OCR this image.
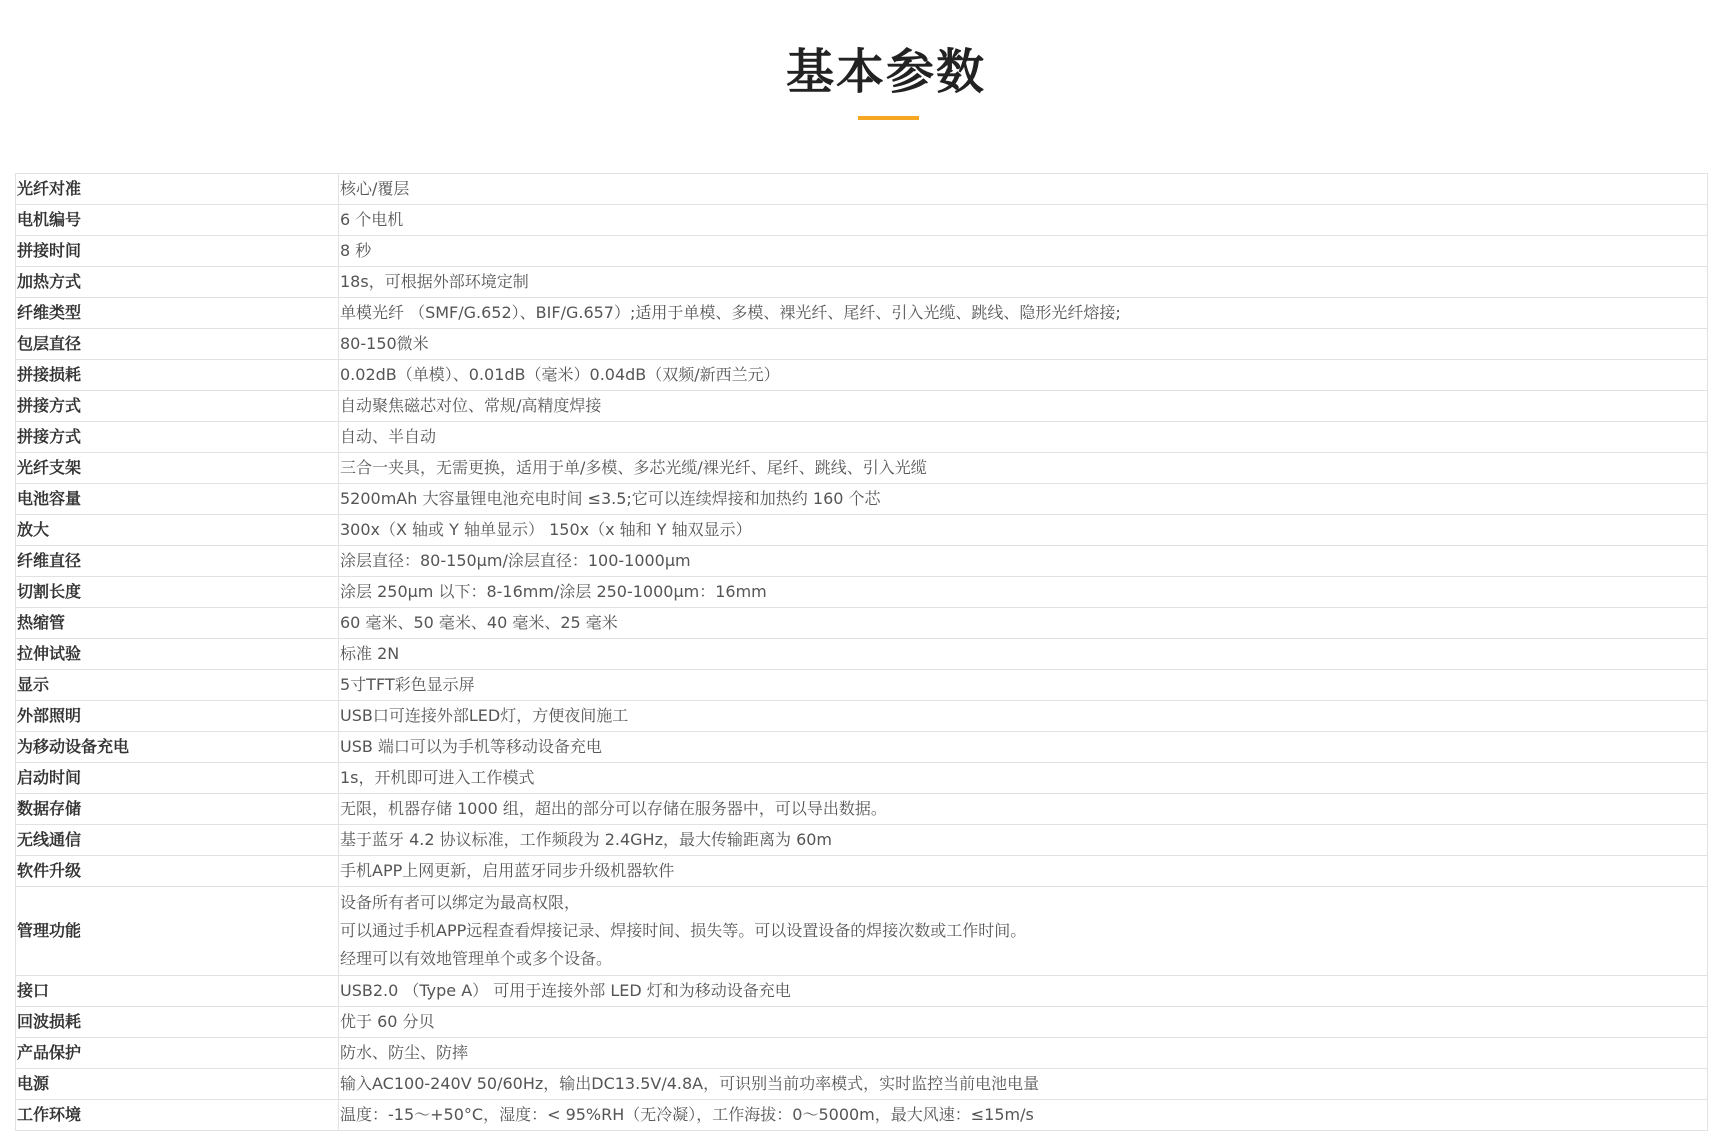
基本参数
光纤对准	核心/覆层
电机编号	6 个电机
拼接时间	8 秒
加热方式	18s，可根据外部环境定制
纤维类型	单模光纤 （SMF/G.652）、BIF/G.657）;适用于单模、多模、裸光纤、尾纤、引入光缆、跳线、隐形光纤熔接;
包层直径	80-150微米
拼接损耗	0.02dB（单模）、0.01dB（毫米）0.04dB（双频/新西兰元）
拼接方式	自动聚焦磁芯对位、常规/高精度焊接
拼接方式	自动、半自动
光纤支架	三合一夹具，无需更换，适用于单/多模、多芯光缆/裸光纤、尾纤、跳线、引入光缆
电池容量	5200mAh 大容量锂电池充电时间 ≤3.5;它可以连续焊接和加热约 160 个芯
放大	300x（X 轴或 Y 轴单显示） 150x（x 轴和 Y 轴双显示）
纤维直径	涂层直径：80-150μm/涂层直径：100-1000μm
切割长度	涂层 250μm 以下：8-16mm/涂层 250-1000μm：16mm
热缩管	60 毫米、50 毫米、40 毫米、25 毫米
拉伸试验	标准 2N
显示	5寸TFT彩色显示屏
外部照明	USB口可连接外部LED灯，方便夜间施工
为移动设备充电	USB 端口可以为手机等移动设备充电
启动时间	1s，开机即可进入工作模式
数据存储	无限，机器存储 1000 组，超出的部分可以存储在服务器中，可以导出数据。
无线通信	基于蓝牙 4.2 协议标准，工作频段为 2.4GHz，最大传输距离为 60m
软件升级	手机APP上网更新，启用蓝牙同步升级机器软件
管理功能	设备所有者可以绑定为最高权限，
可以通过手机APP远程查看焊接记录、焊接时间、损失等。可以设置设备的焊接次数或工作时间。
经理可以有效地管理单个或多个设备。

接口	USB2.0 （Type A） 可用于连接外部 LED 灯和为移动设备充电
回波损耗	优于 60 分贝
产品保护	防水、防尘、防摔
电源	输入AC100-240V 50/60Hz，输出DC13.5V/4.8A，可识别当前功率模式，实时监控当前电池电量
工作环境	温度：-15～+50°C，湿度：< 95%RH（无冷凝），工作海拔：0～5000m，最大风速：≤15m/s
